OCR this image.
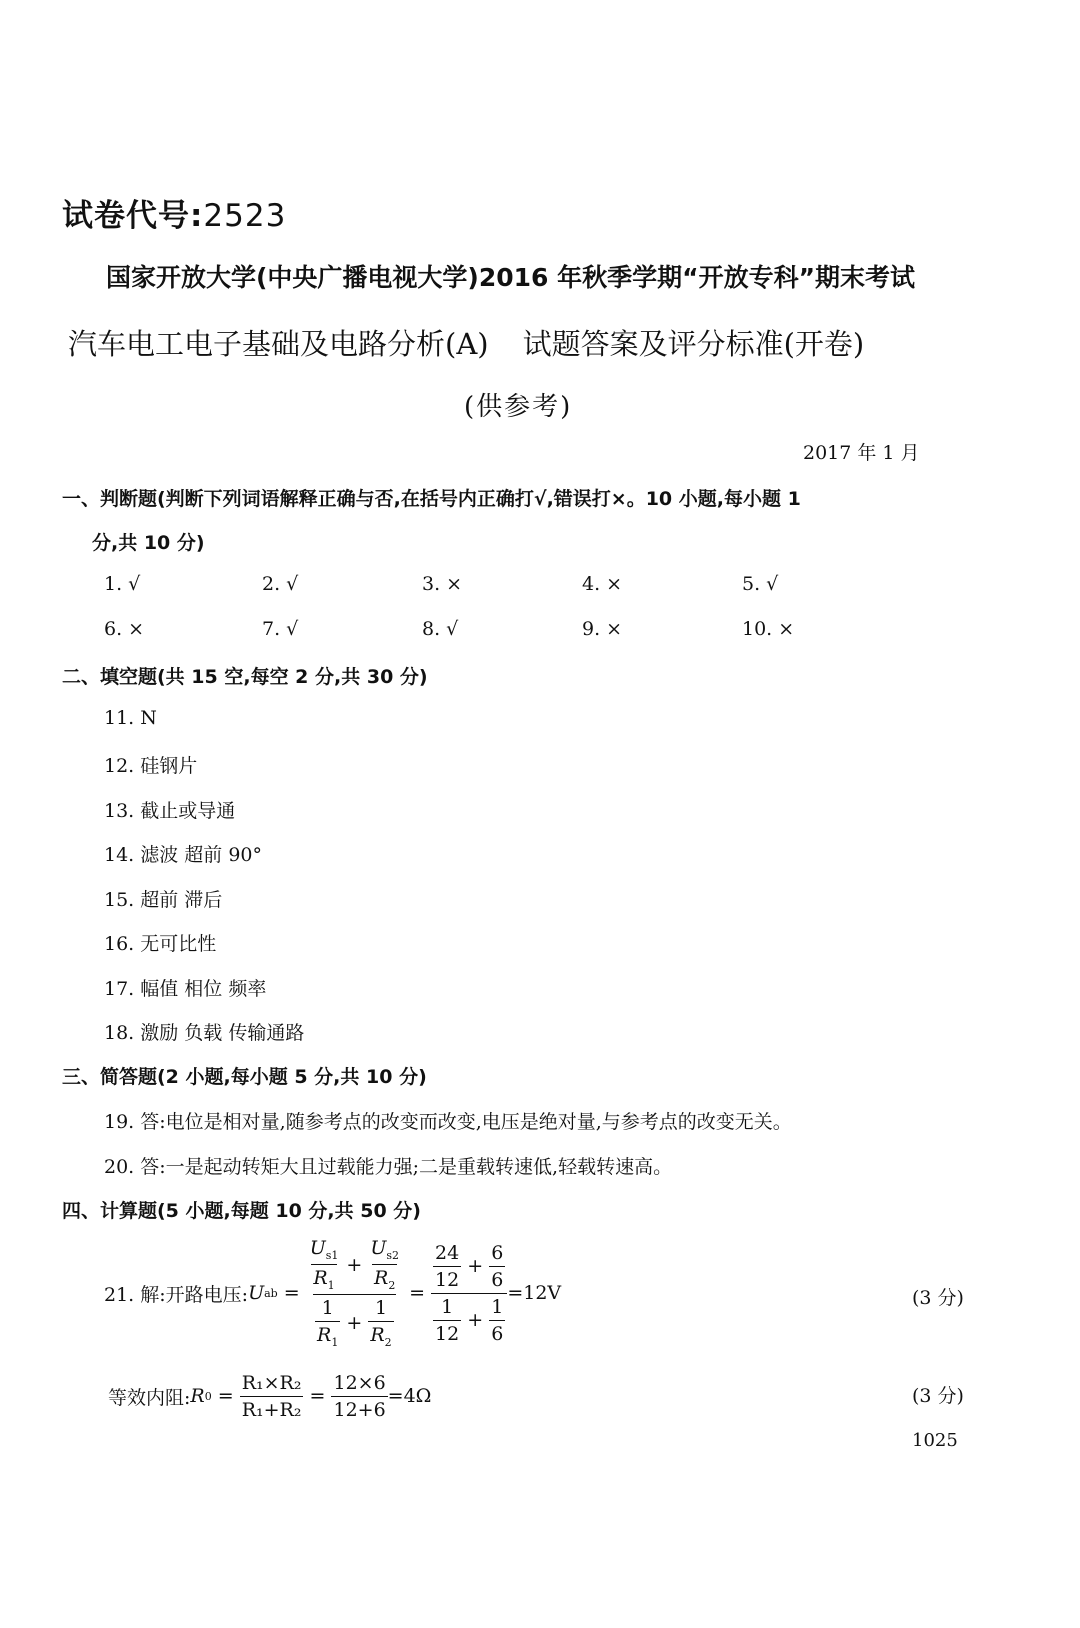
试卷代号:2523
国家开放大学(中央广播电视大学)2016 年秋季学期“开放专科”期末考试
汽车电工电子基础及电路分析(A) 试题答案及评分标准(开卷)
(供参考)
2017 年 1 月
一、判断题(判断下列词语解释正确与否,在括号内正确打√,错误打×。10 小题,每小题 1
分,共 10 分)
1. √	2. √	3. ×	4. ×	5. √
6. ×	7. √	8. √	9. ×	10. ×
二、填空题(共 15 空,每空 2 分,共 30 分)
11. N
12. 硅钢片
13. 截止或导通
14. 滤波 超前 90°
15. 超前 滞后
16. 无可比性
17. 幅值 相位 频率
18. 激励 负载 传输通路
三、简答题(2 小题,每小题 5 分,共 10 分)
19. 答:电位是相对量,随参考点的改变而改变,电压是绝对量,与参考点的改变无关。
20. 答:一是起动转矩大且过载能力强;二是重载转速低,轻载转速高。
四、计算题(5 小题,每题 10 分,共 50 分)
21. 解:开路电压: U ab = $\frac{\frac{U_{s1}}{R_1} + \frac{U_{s2}}{R_2}}{\frac{1}{R_1} + \frac{1}{R_2}} = \frac{\frac{24}{12} + \frac{6}{6}}{\frac{1}{12} + \frac{1}{6}} =12V$	(3 分)
等效内阻: R $0 = \frac{\text{R₁×R₂}}{\text{R₁+R₂}} = \frac{12\times 6}{12+6} =4\Omega$	(3 分)
1025
